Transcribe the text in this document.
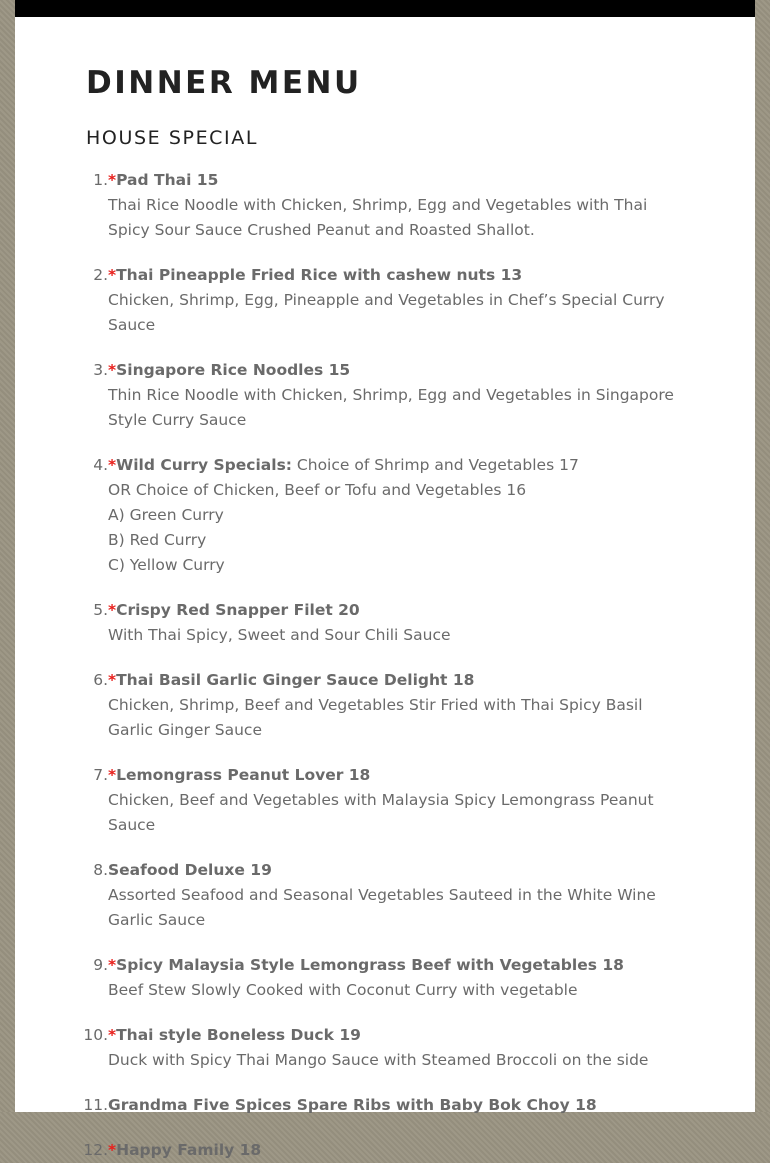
DINNER MENU
HOUSE SPECIAL
1. *Pad Thai 15
Thai Rice Noodle with Chicken, Shrimp, Egg and Vegetables with Thai Spicy Sour Sauce Crushed Peanut and Roasted Shallot.
2. *Thai Pineapple Fried Rice with cashew nuts 13
Chicken, Shrimp, Egg, Pineapple and Vegetables in Chef’s Special Curry Sauce
3. *Singapore Rice Noodles 15
Thin Rice Noodle with Chicken, Shrimp, Egg and Vegetables in Singapore Style Curry Sauce
4. *Wild Curry Specials: Choice of Shrimp and Vegetables 17
OR Choice of Chicken, Beef or Tofu and Vegetables 16
A) Green Curry
B) Red Curry
C) Yellow Curry
5. *Crispy Red Snapper Filet 20
With Thai Spicy, Sweet and Sour Chili Sauce
6. *Thai Basil Garlic Ginger Sauce Delight 18
Chicken, Shrimp, Beef and Vegetables Stir Fried with Thai Spicy Basil Garlic Ginger Sauce
7. *Lemongrass Peanut Lover 18
Chicken, Beef and Vegetables with Malaysia Spicy Lemongrass Peanut Sauce
8. Seafood Deluxe 19
Assorted Seafood and Seasonal Vegetables Sauteed in the White Wine Garlic Sauce
9. *Spicy Malaysia Style Lemongrass Beef with Vegetables 18
Beef Stew Slowly Cooked with Coconut Curry with vegetable
10. *Thai style Boneless Duck 19
Duck with Spicy Thai Mango Sauce with Steamed Broccoli on the side
11. Grandma Five Spices Spare Ribs with Baby Bok Choy 18
12. *Happy Family 18
